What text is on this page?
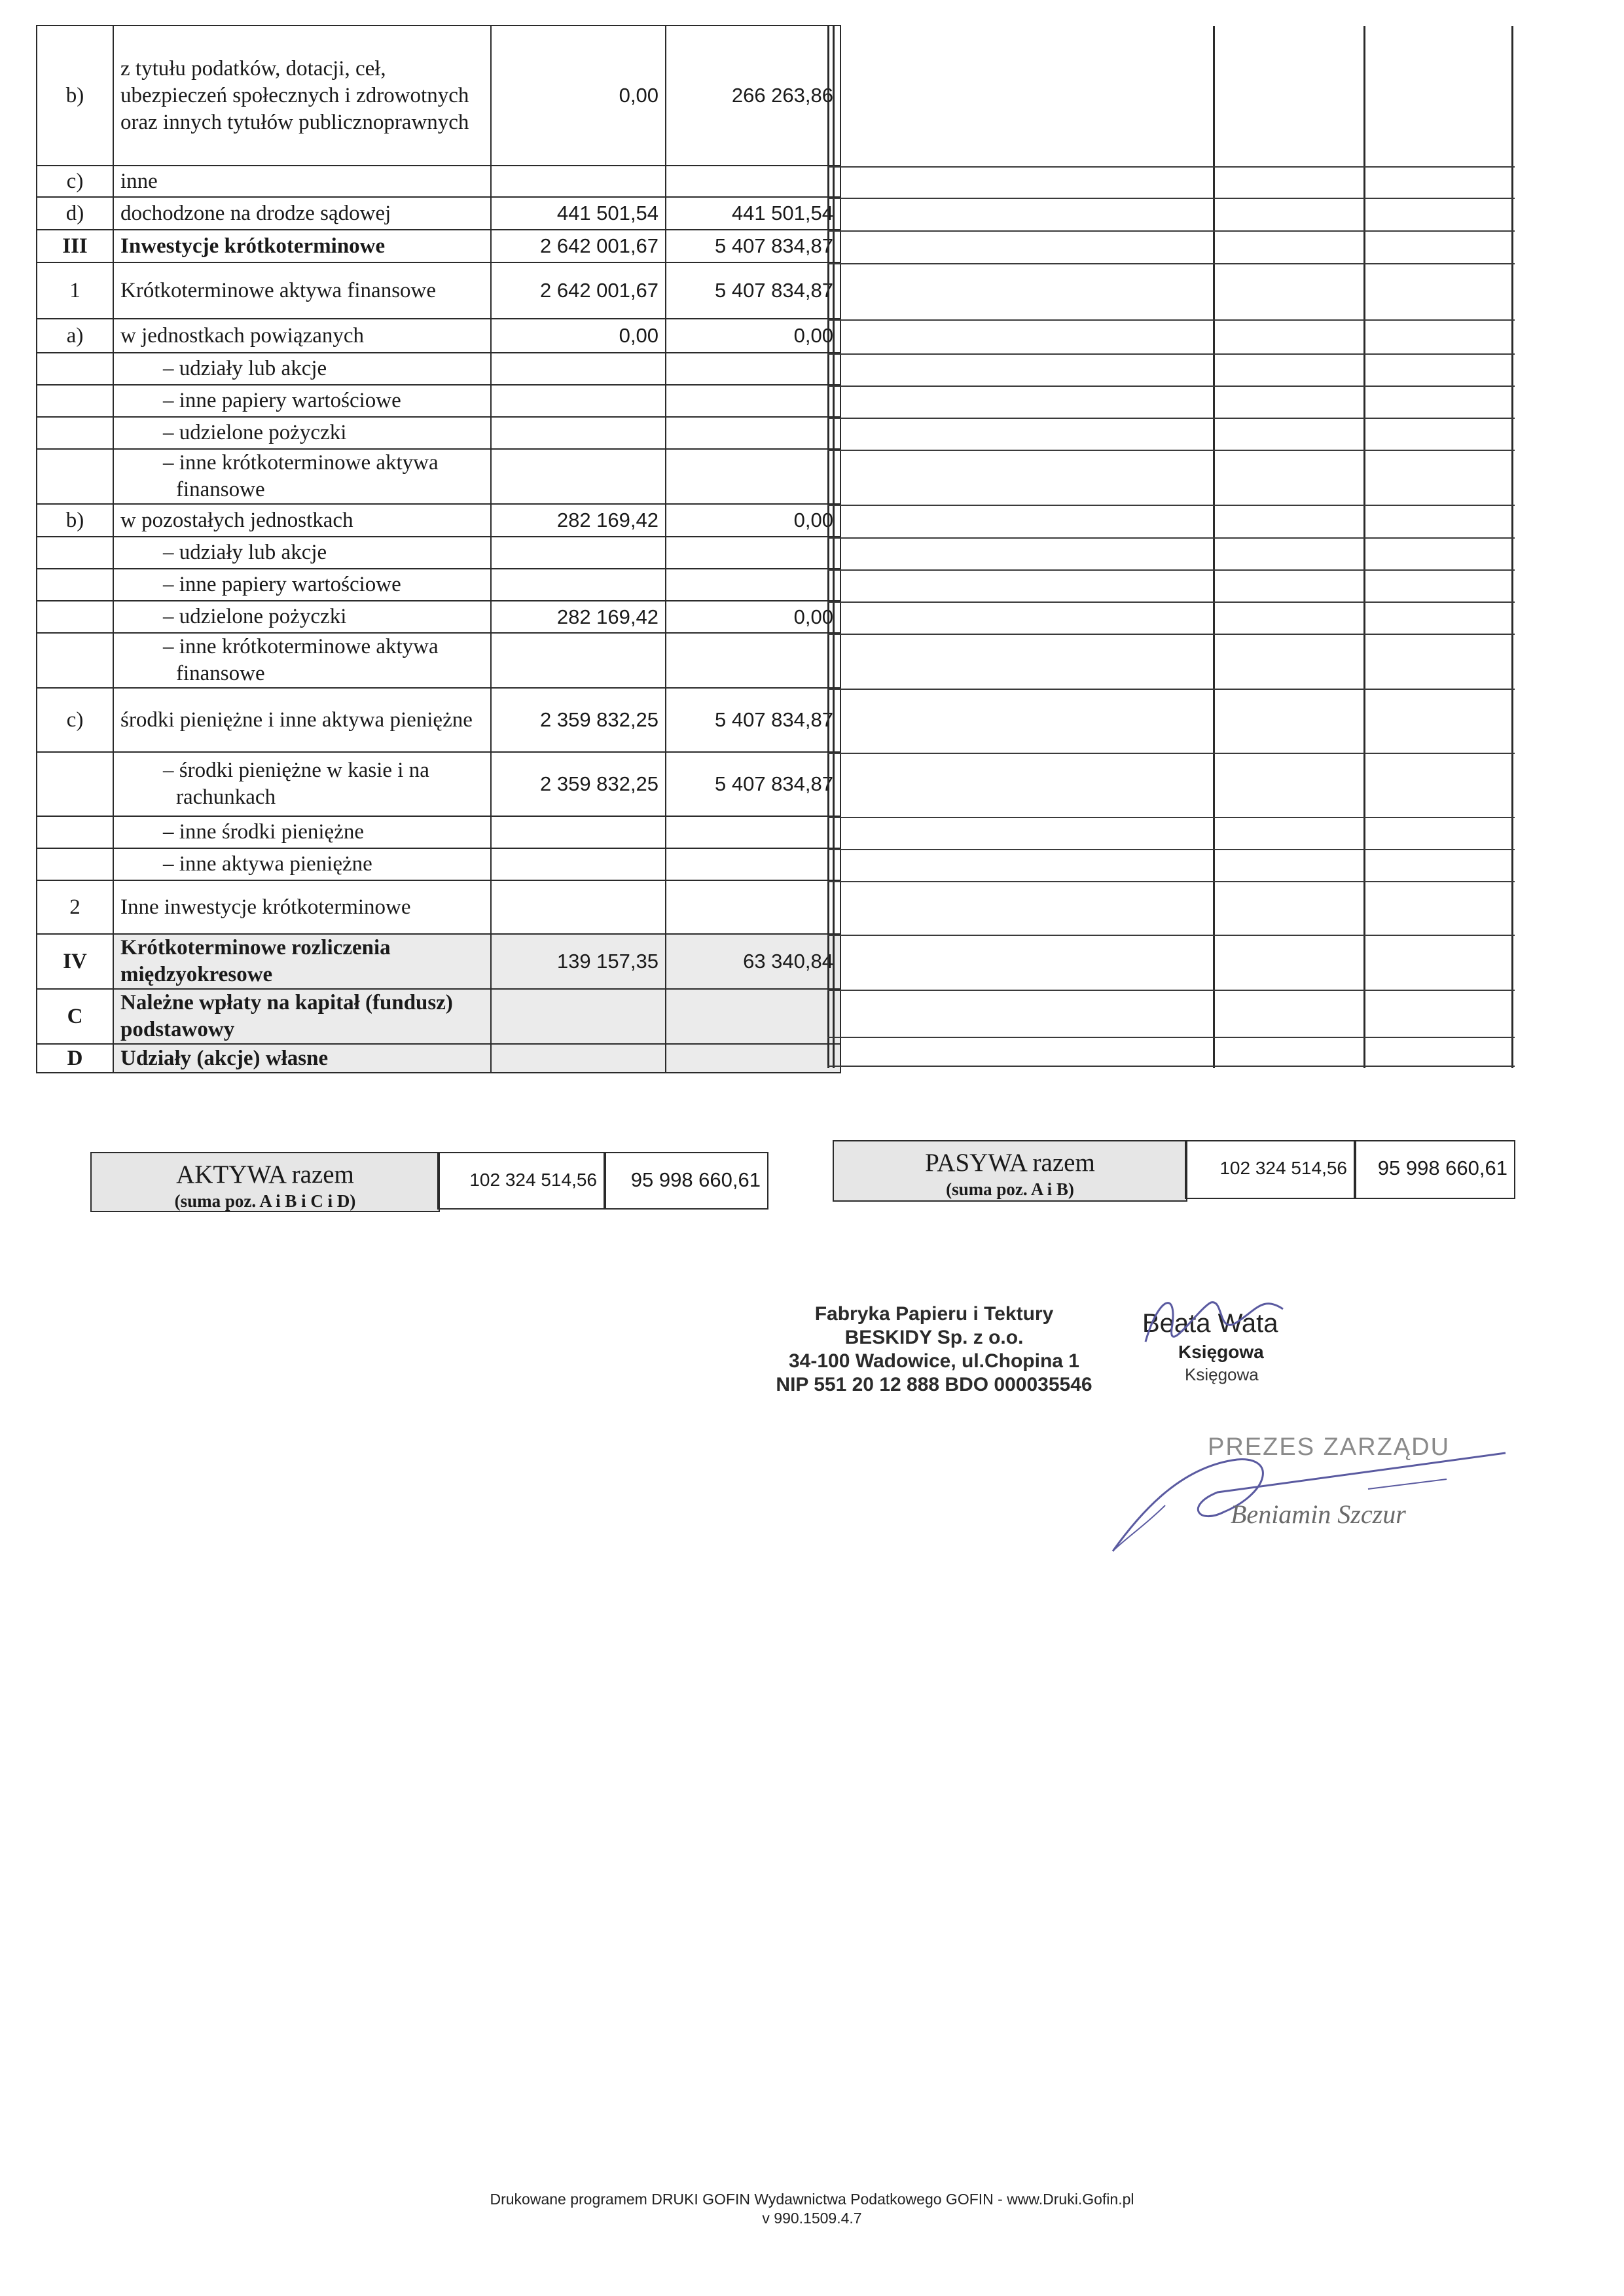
b)	z tytułu podatków, dotacji, ceł, ubezpieczeń społecznych i zdrowotnych oraz innych tytułów publicznoprawnych	0,00	266 263,86
c)	inne		
d)	dochodzone na drodze sądowej	441 501,54	441 501,54
III	Inwestycje krótkoterminowe	2 642 001,67	5 407 834,87
1	Krótkoterminowe aktywa finansowe	2 642 001,67	5 407 834,87
a)	w jednostkach powiązanych	0,00	0,00
	– udziały lub akcje		
	– inne papiery wartościowe		
	– udzielone pożyczki		
	– inne krótkoterminowe aktywa finansowe		
b)	w pozostałych jednostkach	282 169,42	0,00
	– udziały lub akcje		
	– inne papiery wartościowe		
	– udzielone pożyczki	282 169,42	0,00
	– inne krótkoterminowe aktywa finansowe		
c)	środki pieniężne i inne aktywa pieniężne	2 359 832,25	5 407 834,87
	– środki pieniężne w kasie i na rachunkach	2 359 832,25	5 407 834,87
	– inne środki pieniężne		
	– inne aktywa pieniężne		
2	Inne inwestycje krótkoterminowe		
IV	Krótkoterminowe rozliczenia międzyokresowe	139 157,35	63 340,84
C	Należne wpłaty na kapitał (fundusz) podstawowy		
D	Udziały (akcje) własne		
AKTYWA razem
(suma poz. A i B i C i D)
102 324 514,56	95 998 660,61
PASYWA razem
(suma poz. A i B)
102 324 514,56	95 998 660,61
Fabryka Papieru i Tektury
BESKIDY Sp. z o.o.
34-100 Wadowice, ul.Chopina 1
NIP 551 20 12 888 BDO 000035546
Beata Wata
Księgowa
Księgowa
PREZES ZARZĄDU
Beniamin Szczur
Drukowane programem DRUKI GOFIN Wydawnictwa Podatkowego GOFIN - www.Druki.Gofin.pl
v 990.1509.4.7
